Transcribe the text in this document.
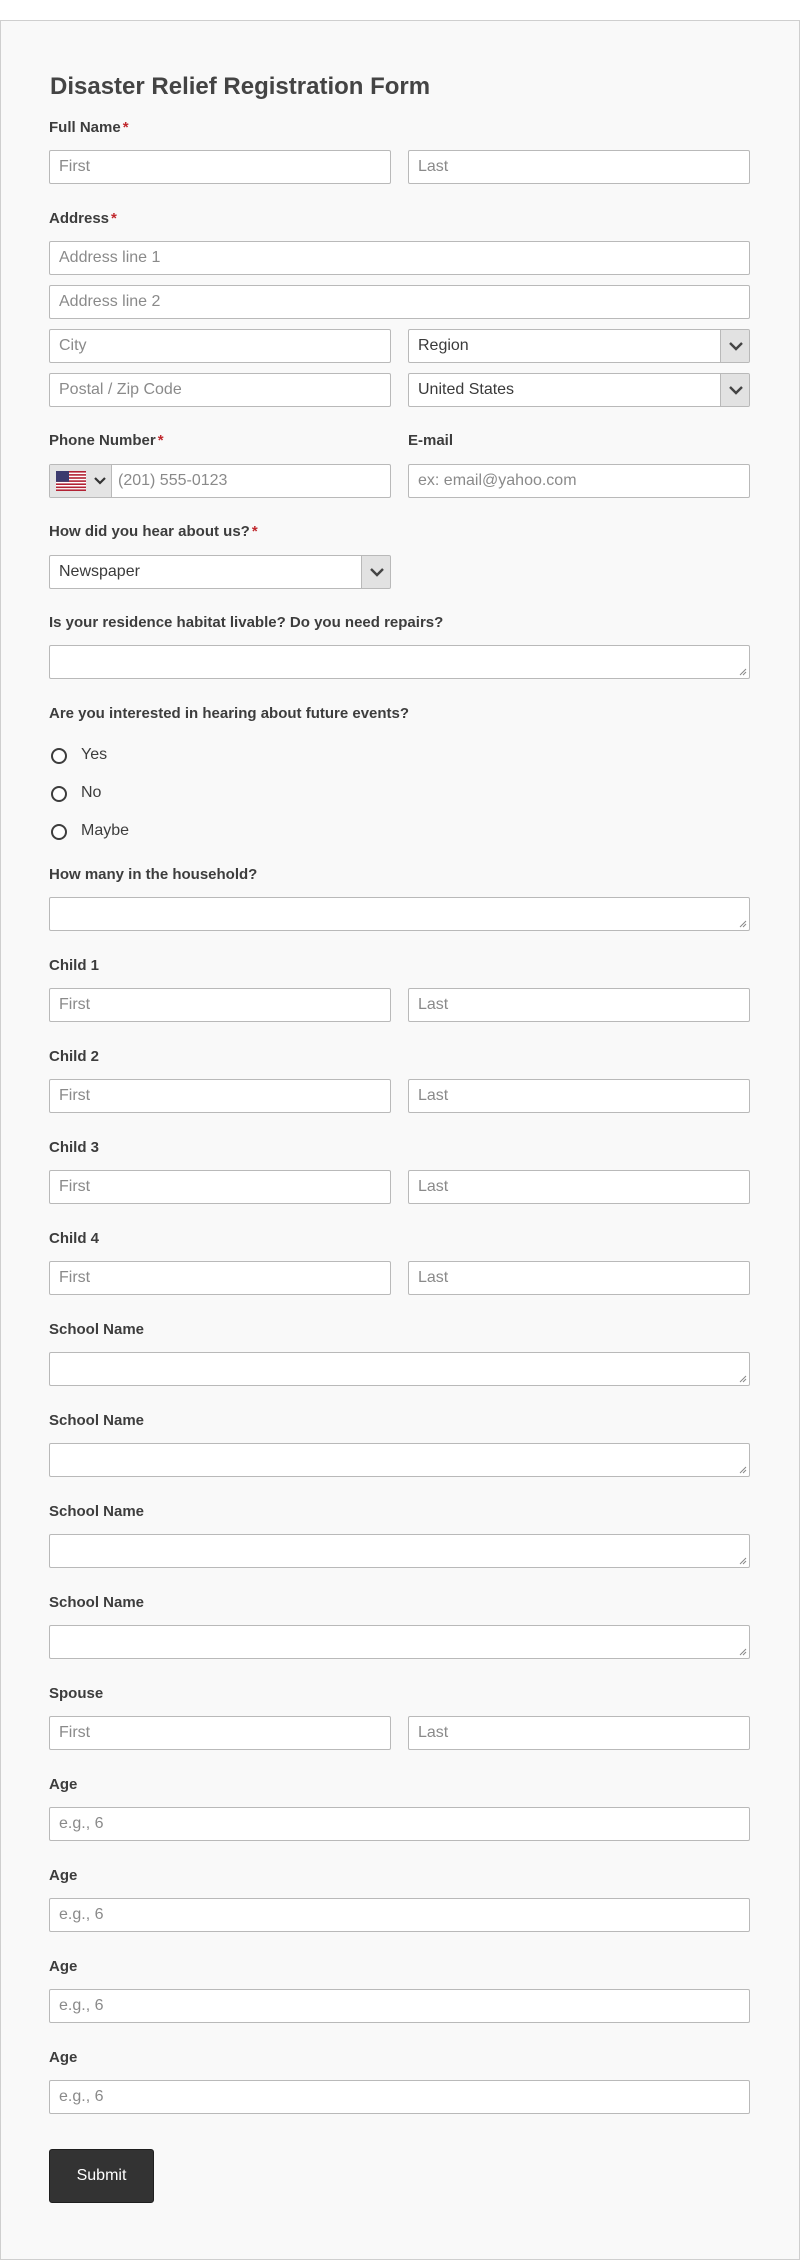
Disaster Relief Registration Form
Full Name *
First	Last
Address *
Address line 1
Address line 2
City	Region
Postal / Zip Code	United States
Phone Number *	E-mail
(201) 555-0123	ex: email@yahoo.com
How did you hear about us? *
Newspaper
Is your residence habitat livable? Do you need repairs?
Are you interested in hearing about future events?
Yes
No
Maybe
How many in the household?
Child 1
First	Last
Child 2
First	Last
Child 3
First	Last
Child 4
First	Last
School Name
School Name
School Name
School Name
Spouse
First	Last
Age
e.g., 6
Age
e.g., 6
Age
e.g., 6
Age
e.g., 6
Submit
